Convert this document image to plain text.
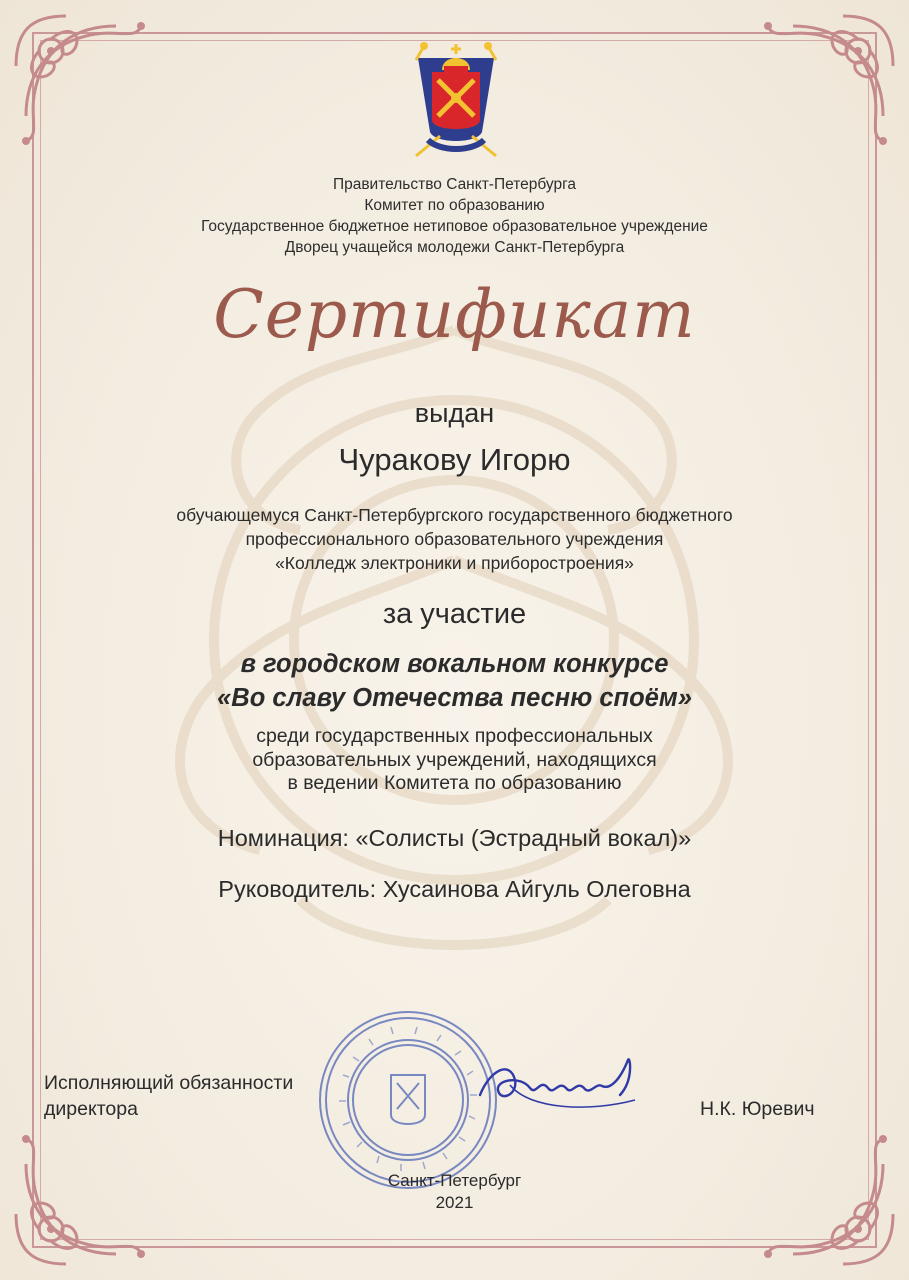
Правительство Санкт-Петербурга
Комитет по образованию
Государственное бюджетное нетиповое образовательное учреждение
Дворец учащейся молодежи Санкт-Петербурга
Сертификат
выдан
Чуракову Игорю
обучающемуся Санкт-Петербургского государственного бюджетного
профессионального образовательного учреждения
«Колледж электроники и приборостроения»
за участие
в городском вокальном конкурсе
«Во славу Отечества песню споём»
среди государственных профессиональных
образовательных учреждений, находящихся
в ведении Комитета по образованию
Номинация: «Солисты (Эстрадный вокал)»
Руководитель: Хусаинова Айгуль Олеговна
Исполняющий обязанности
директора	Н.К. Юревич
Санкт-Петербург
2021
